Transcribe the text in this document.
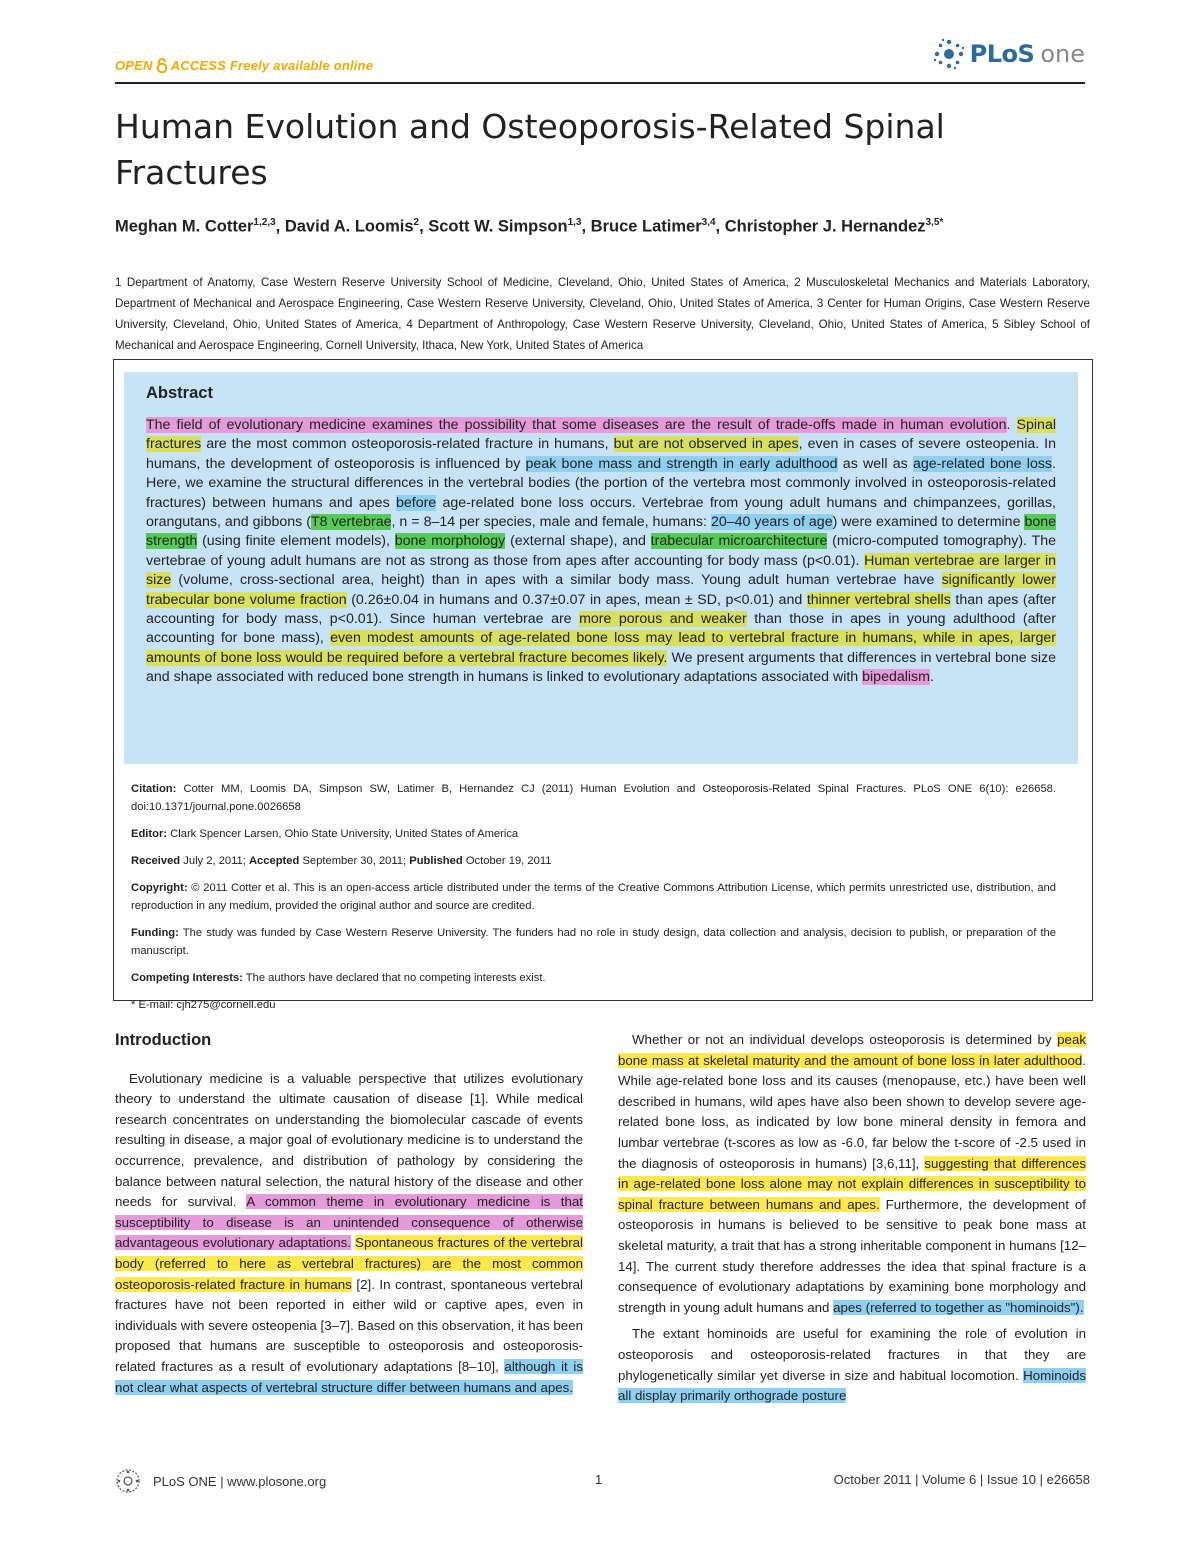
OPEN ACCESS Freely available online	PLoS one
Human Evolution and Osteoporosis-Related Spinal Fractures
Meghan M. Cotter$^{1,2,3}$, David A. Loomis$^2$, Scott W. Simpson$^{1,3}$, Bruce Latimer$^{3,4}$, Christopher J. Hernandez$^{3,5*}$
1 Department of Anatomy, Case Western Reserve University School of Medicine, Cleveland, Ohio, United States of America, 2 Musculoskeletal Mechanics and Materials Laboratory, Department of Mechanical and Aerospace Engineering, Case Western Reserve University, Cleveland, Ohio, United States of America, 3 Center for Human Origins, Case Western Reserve University, Cleveland, Ohio, United States of America, 4 Department of Anthropology, Case Western Reserve University, Cleveland, Ohio, United States of America, 5 Sibley School of Mechanical and Aerospace Engineering, Cornell University, Ithaca, New York, United States of America
Abstract

The field of evolutionary medicine examines the possibility that some diseases are the result of trade-offs made in human evolution. Spinal fractures are the most common osteoporosis-related fracture in humans, but are not observed in apes, even in cases of severe osteopenia. In humans, the development of osteoporosis is influenced by peak bone mass and strength in early adulthood as well as age-related bone loss. Here, we examine the structural differences in the vertebral bodies (the portion of the vertebra most commonly involved in osteoporosis-related fractures) between humans and apes before age-related bone loss occurs. Vertebrae from young adult humans and chimpanzees, gorillas, orangutans, and gibbons (T8 vertebrae, n = 8–14 per species, male and female, humans: 20–40 years of age) were examined to determine bone strength (using finite element models), bone morphology (external shape), and trabecular microarchitecture (micro-computed tomography). The vertebrae of young adult humans are not as strong as those from apes after accounting for body mass (p<0.01). Human vertebrae are larger in size (volume, cross-sectional area, height) than in apes with a similar body mass. Young adult human vertebrae have significantly lower trabecular bone volume fraction (0.26±0.04 in humans and 0.37±0.07 in apes, mean ± SD, p<0.01) and thinner vertebral shells than apes (after accounting for body mass, p<0.01). Since human vertebrae are more porous and weaker than those in apes in young adulthood (after accounting for bone mass), even modest amounts of age-related bone loss may lead to vertebral fracture in humans, while in apes, larger amounts of bone loss would be required before a vertebral fracture becomes likely. We present arguments that differences in vertebral bone size and shape associated with reduced bone strength in humans is linked to evolutionary adaptations associated with bipedalism.

Citation: Cotter MM, Loomis DA, Simpson SW, Latimer B, Hernandez CJ (2011) Human Evolution and Osteoporosis-Related Spinal Fractures. PLoS ONE 6(10): e26658. doi:10.1371/journal.pone.0026658
Editor: Clark Spencer Larsen, Ohio State University, United States of America
Received July 2, 2011; Accepted September 30, 2011; Published October 19, 2011
Copyright: © 2011 Cotter et al. This is an open-access article distributed under the terms of the Creative Commons Attribution License, which permits unrestricted use, distribution, and reproduction in any medium, provided the original author and source are credited.
Funding: The study was funded by Case Western Reserve University. The funders had no role in study design, data collection and analysis, decision to publish, or preparation of the manuscript.
Competing Interests: The authors have declared that no competing interests exist.
* E-mail: cjh275@cornell.edu
Introduction

Evolutionary medicine is a valuable perspective that utilizes evolutionary theory to understand the ultimate causation of disease [1]. While medical research concentrates on understanding the biomolecular cascade of events resulting in disease, a major goal of evolutionary medicine is to understand the occurrence, prevalence, and distribution of pathology by considering the balance between natural selection, the natural history of the disease and other needs for survival. A common theme in evolutionary medicine is that susceptibility to disease is an unintended consequence of otherwise advantageous evolutionary adaptations. Spontaneous fractures of the vertebral body (referred to here as vertebral fractures) are the most common osteoporosis-related fracture in humans [2]. In contrast, spontaneous vertebral fractures have not been reported in either wild or captive apes, even in individuals with severe osteopenia [3–7]. Based on this observation, it has been proposed that humans are susceptible to osteoporosis and osteoporosis-related fractures as a result of evolutionary adaptations [8–10], although it is not clear what aspects of vertebral structure differ between humans and apes.

Whether or not an individual develops osteoporosis is determined by peak bone mass at skeletal maturity and the amount of bone loss in later adulthood. While age-related bone loss and its causes (menopause, etc.) have been well described in humans, wild apes have also been shown to develop severe age-related bone loss, as indicated by low bone mineral density in femora and lumbar vertebrae (t-scores as low as -6.0, far below the t-score of -2.5 used in the diagnosis of osteoporosis in humans) [3,6,11], suggesting that differences in age-related bone loss alone may not explain differences in susceptibility to spinal fracture between humans and apes. Furthermore, the development of osteoporosis in humans is believed to be sensitive to peak bone mass at skeletal maturity, a trait that has a strong inheritable component in humans [12–14]. The current study therefore addresses the idea that spinal fracture is a consequence of evolutionary adaptations by examining bone morphology and strength in young adult humans and apes (referred to together as "hominoids").

The extant hominoids are useful for examining the role of evolution in osteoporosis and osteoporosis-related fractures in that they are phylogenetically similar yet diverse in size and habitual locomotion. Hominoids all display primarily orthograde posture

PLoS ONE | www.plosone.org	1	October 2011 | Volume 6 | Issue 10 | e26658
